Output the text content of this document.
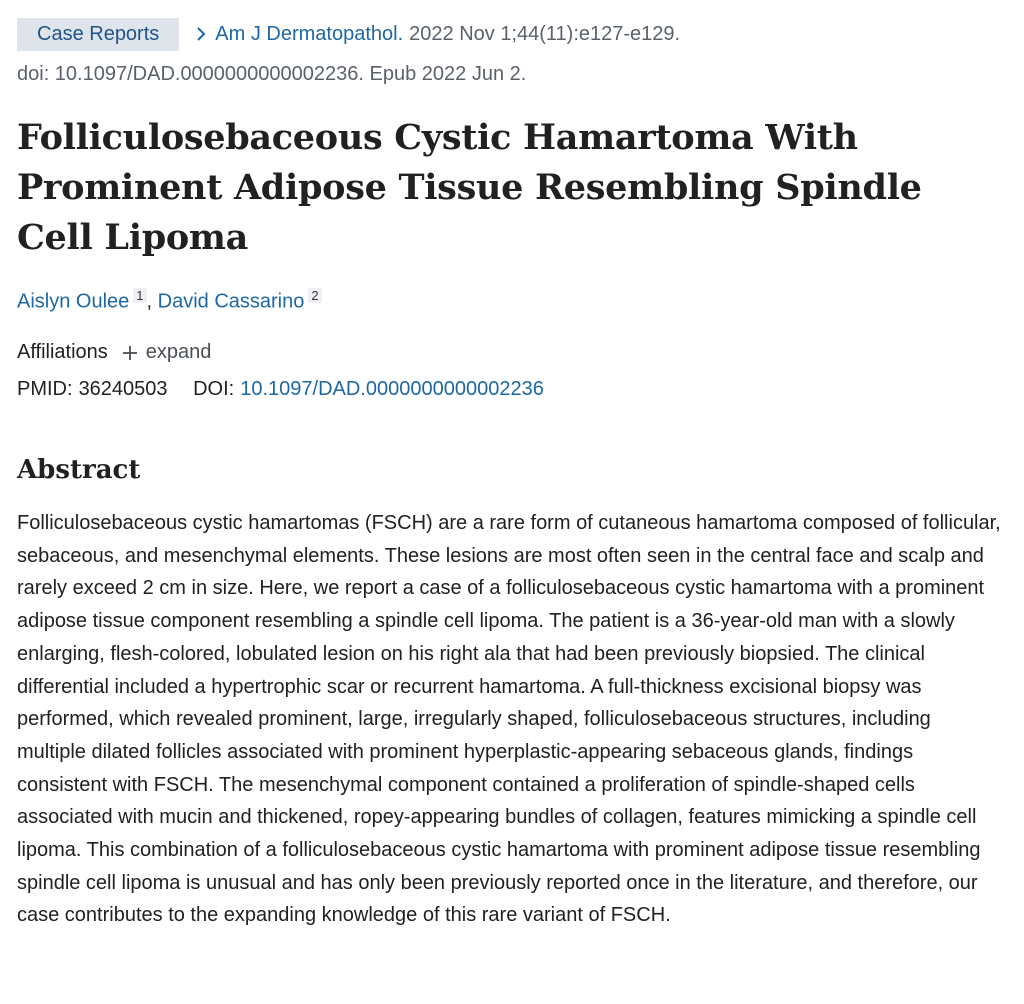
Case Reports	Am J Dermatopathol. 2022 Nov 1;44(11):e127-e129.
doi: 10.1097/DAD.0000000000002236. Epub 2022 Jun 2.
Folliculosebaceous Cystic Hamartoma With Prominent Adipose Tissue Resembling Spindle Cell Lipoma
Aislyn Oulee $^1$ , David Cassarino $^2$
Affiliations expand
PMID: 36240503 DOI: 10.1097/DAD.0000000000002236
Abstract

Folliculosebaceous cystic hamartomas (FSCH) are a rare form of cutaneous hamartoma composed of follicular, sebaceous, and mesenchymal elements. These lesions are most often seen in the central face and scalp and rarely exceed 2 cm in size. Here, we report a case of a folliculosebaceous cystic hamartoma with a prominent adipose tissue component resembling a spindle cell lipoma. The patient is a 36-year-old man with a slowly enlarging, flesh-colored, lobulated lesion on his right ala that had been previously biopsied. The clinical differential included a hypertrophic scar or recurrent hamartoma. A full-thickness excisional biopsy was performed, which revealed prominent, large, irregularly shaped, folliculosebaceous structures, including multiple dilated follicles associated with prominent hyperplastic-appearing sebaceous glands, findings consistent with FSCH. The mesenchymal component contained a proliferation of spindle-shaped cells associated with mucin and thickened, ropey-appearing bundles of collagen, features mimicking a spindle cell lipoma. This combination of a folliculosebaceous cystic hamartoma with prominent adipose tissue resembling spindle cell lipoma is unusual and has only been previously reported once in the literature, and therefore, our case contributes to the expanding knowledge of this rare variant of FSCH.
